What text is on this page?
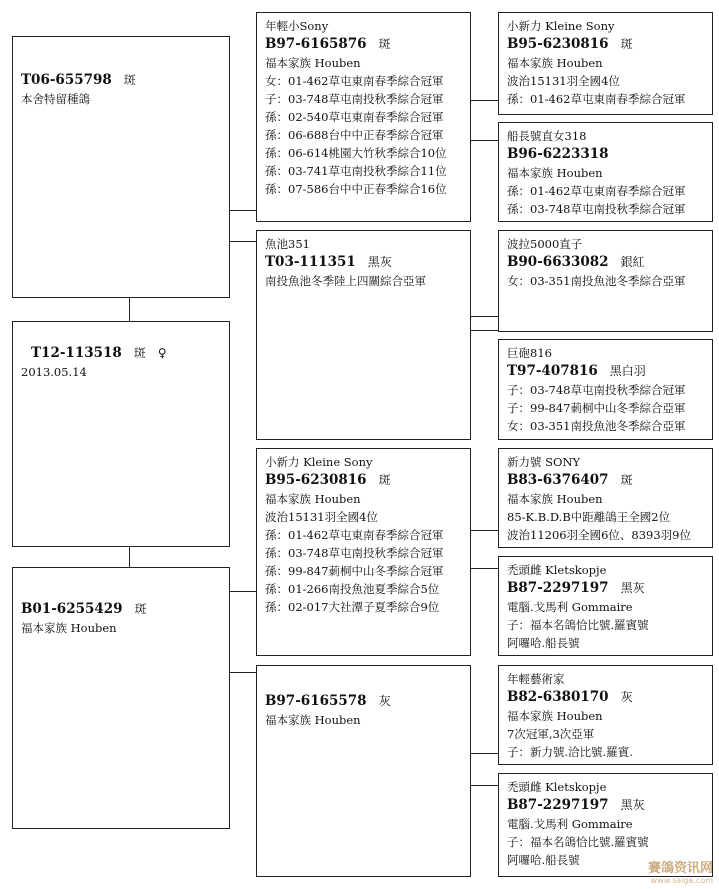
T06-655798 斑
本舍特留種鴿
T12-113518 斑 ♀
2013.05.14
B01-6255429 斑
福本家族 Houben
年輕小Sony
B97-6165876 斑
福本家族 Houben
女：01-462草屯東南春季綜合冠軍
子：03-748草屯南投秋季綜合冠軍
孫：02-540草屯東南春季綜合冠軍
孫：06-688台中中正春季綜合冠軍
孫：06-614桃園大竹秋季綜合10位
孫：03-741草屯南投秋季綜合11位
孫：07-586台中中正春季綜合16位
魚池351
T03-111351 黑灰
南投魚池冬季陸上四關綜合亞軍
小新力 Kleine Sony
B95-6230816 斑
福本家族 Houben
波治15131羽全國4位
孫：01-462草屯東南春季綜合冠軍
孫：03-748草屯南投秋季綜合冠軍
孫：99-847莿桐中山冬季綜合冠軍
孫：01-266南投魚池夏季綜合5位
孫：02-017大社潭子夏季綜合9位
B97-6165578 灰
福本家族 Houben
小新力 Kleine Sony
B95-6230816 斑
福本家族 Houben
波治15131羽全國4位
孫：01-462草屯東南春季綜合冠軍
船長號直女318
B96-6223318
福本家族 Houben
孫：01-462草屯東南春季綜合冠軍
孫：03-748草屯南投秋季綜合冠軍
波拉5000直子
B90-6633082 銀紅
女：03-351南投魚池冬季綜合亞軍
巨砲816
T97-407816 黑白羽
子：03-748草屯南投秋季綜合冠軍
子：99-847莿桐中山冬季綜合亞軍
女：03-351南投魚池冬季綜合亞軍
新力號 SONY
B83-6376407 斑
福本家族 Houben
85-K.B.D.B中距離鴿王全國2位
波治11206羽全國6位、8393羽9位
禿頭雌 Kletskopje
B87-2297197 黑灰
電腦.戈馬利 Gommaire
子：福本名鴿恰比號.羅賓號
阿囉哈.船長號
年輕藝術家
B82-6380170 灰
福本家族 Houben
7次冠軍,3次亞軍
子：新力號.洽比號.羅賓.
禿頭雌 Kletskopje
B87-2297197 黑灰
電腦.戈馬利 Gommaire
子：福本名鴿恰比號.羅賓號
阿囉哈.船長號
賽鴿资讯网
www.saige.com
